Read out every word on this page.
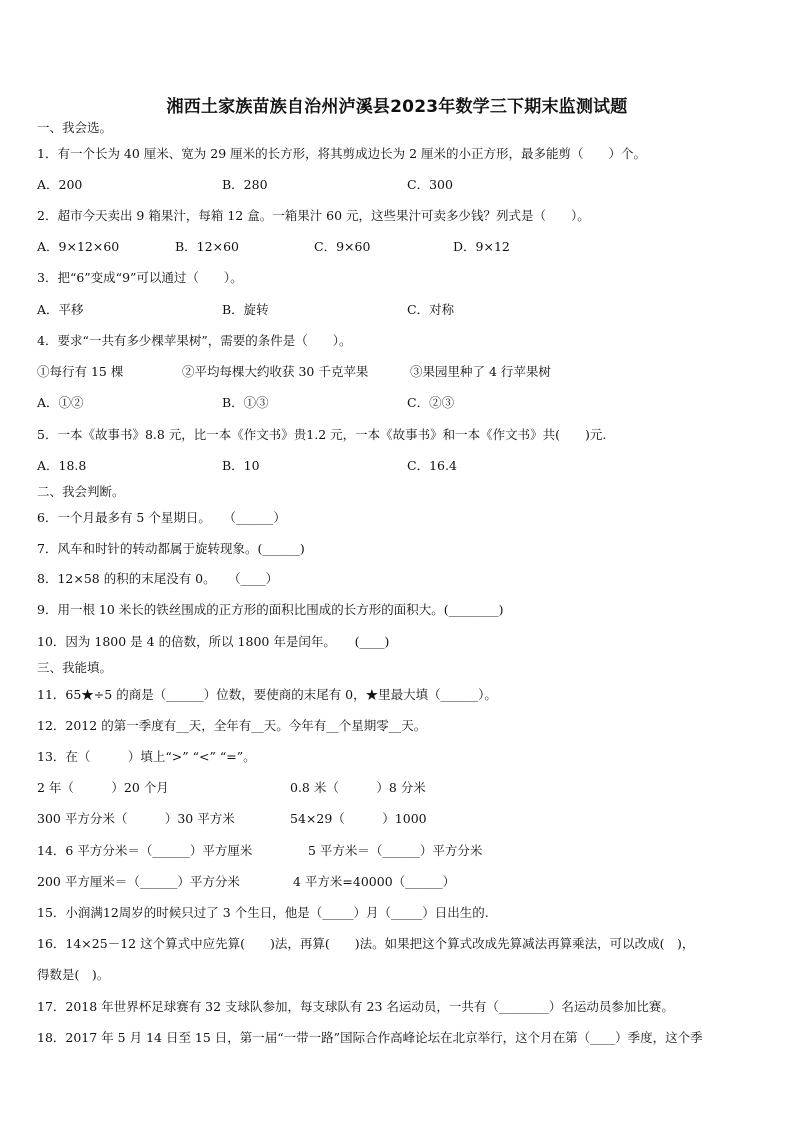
湘西土家族苗族自治州泸溪县2023年数学三下期末监测试题
一、我会选。
1．有一个长为 40 厘米、宽为 29 厘米的长方形，将其剪成边长为 2 厘米的小正方形，最多能剪（　　）个。
A．200	B．280	C．300
2．超市今天卖出 9 箱果汁，每箱 12 盒。一箱果汁 60 元，这些果汁可卖多少钱？列式是（　　）。
A．9×12×60	B．12×60	C．9×60	D．9×12
3．把“6”变成“9”可以通过（　　）。
A．平移	B．旋转	C．对称
4．要求“一共有多少棵苹果树”，需要的条件是（　　）。
①每行有 15 棵	②平均每棵大约收获 30 千克苹果	③果园里种了 4 行苹果树
A．①②	B．①③	C．②③
5．一本《故事书》8.8 元，比一本《作文书》贵1.2 元，一本《故事书》和一本《作文书》共(　　)元.
A．18.8	B．10	C．16.4
二、我会判断。
6．一个月最多有 5 个星期日。　　（______）
7．风车和时针的转动都属于旋转现象。(______)
8．12×58 的积的末尾没有 0。　　（____）
9．用一根 10 米长的铁丝围成的正方形的面积比围成的长方形的面积大。(________)
10．因为 1800 是 4 的倍数，所以 1800 年是闰年。　　(____)
三、我能填。
11．65★÷5 的商是（______）位数，要使商的末尾有 0，★里最大填（______）。
12．2012 的第一季度有__天，全年有__天。今年有__个星期零__天。
13．在（　　　）填上“>” “<” “=”。
2 年（　　　）20 个月	0.8 米（　　　）8 分米
300 平方分米（　　　）30 平方米	54×29（　　　）1000
14．6 平方分米＝（______）平方厘米	5 平方米＝（______）平方分米
200 平方厘米＝（______）平方分米	4 平方米=40000（______）
15．小润满12周岁的时候只过了 3 个生日，他是（_____）月（_____）日出生的.
16．14×25－12 这个算式中应先算(　　)法，再算(　　)法。如果把这个算式改成先算减法再算乘法，可以改成(　)，
得数是(　)。
17．2018 年世界杯足球赛有 32 支球队参加，每支球队有 23 名运动员，一共有（________）名运动员参加比赛。
18．2017 年 5 月 14 日至 15 日，第一届“一带一路”国际合作高峰论坛在北京举行，这个月在第（____）季度，这个季
